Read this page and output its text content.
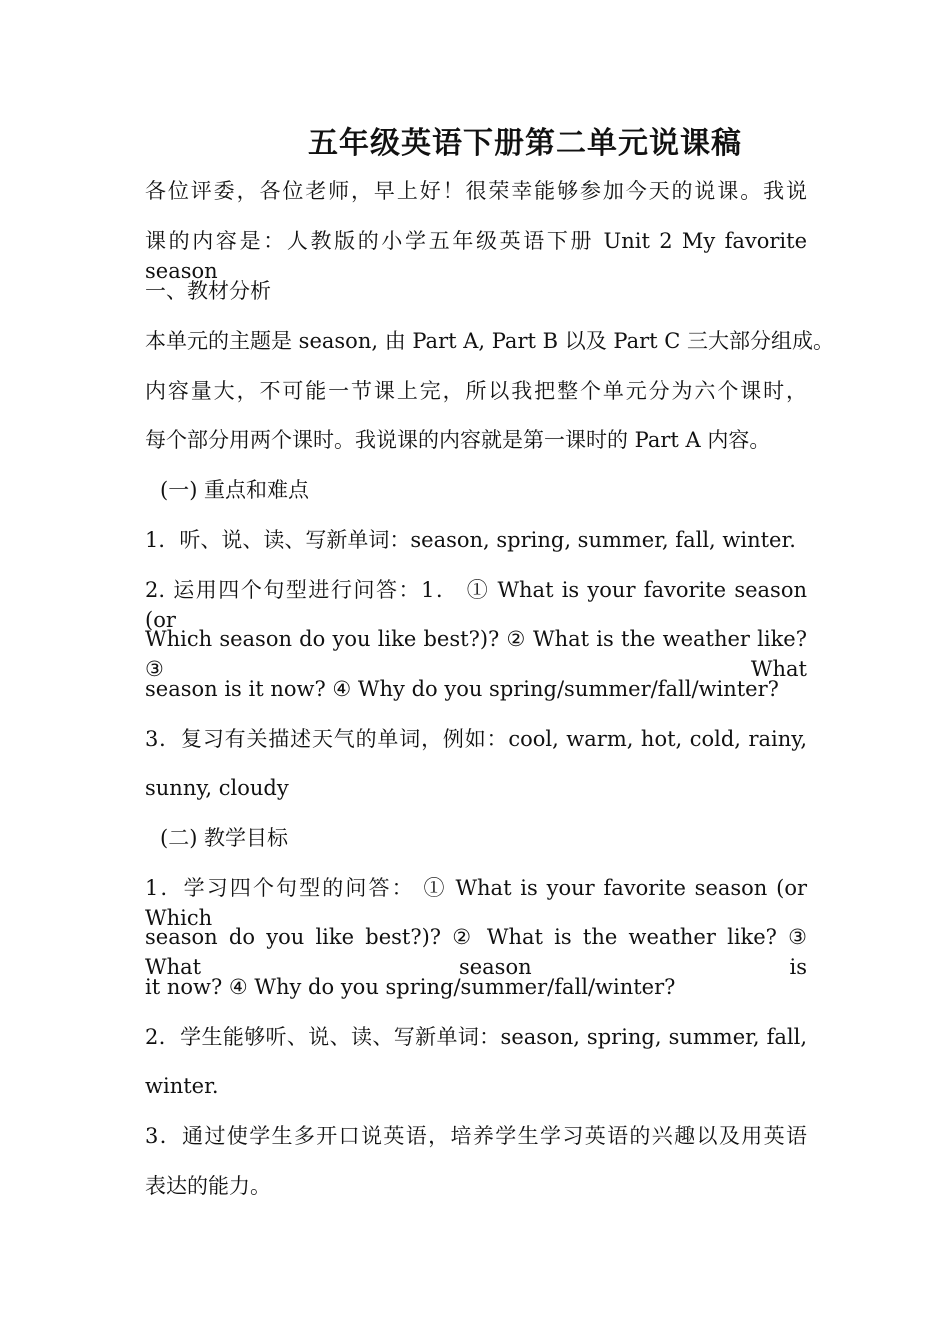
五年级英语下册第二单元说课稿
各位评委，各位老师，早上好！很荣幸能够参加今天的说课。我说
课的内容是：人教版的小学五年级英语下册 Unit 2 My favorite season
一、教材分析
本单元的主题是 season, 由 Part A, Part B 以及 Part C 三大部分组成。
内容量大，不可能一节课上完，所以我把整个单元分为六个课时，
每个部分用两个课时。我说课的内容就是第一课时的 Part A 内容。
(一) 重点和难点
1．听、说、读、写新单词：season, spring, summer, fall, winter.
2. 运用四个句型进行问答：1． ① What is your favorite season (or
Which season do you like best?)? ② What is the weather like? ③ What
season is it now? ④ Why do you spring/summer/fall/winter?
3．复习有关描述天气的单词，例如：cool, warm, hot, cold, rainy,
sunny, cloudy
(二) 教学目标
1．学习四个句型的问答： ① What is your favorite season (or Which
season do you like best?)? ② What is the weather like? ③ What season is
it now? ④ Why do you spring/summer/fall/winter?
2．学生能够听、说、读、写新单词：season, spring, summer, fall,
winter.
3．通过使学生多开口说英语，培养学生学习英语的兴趣以及用英语
表达的能力。
